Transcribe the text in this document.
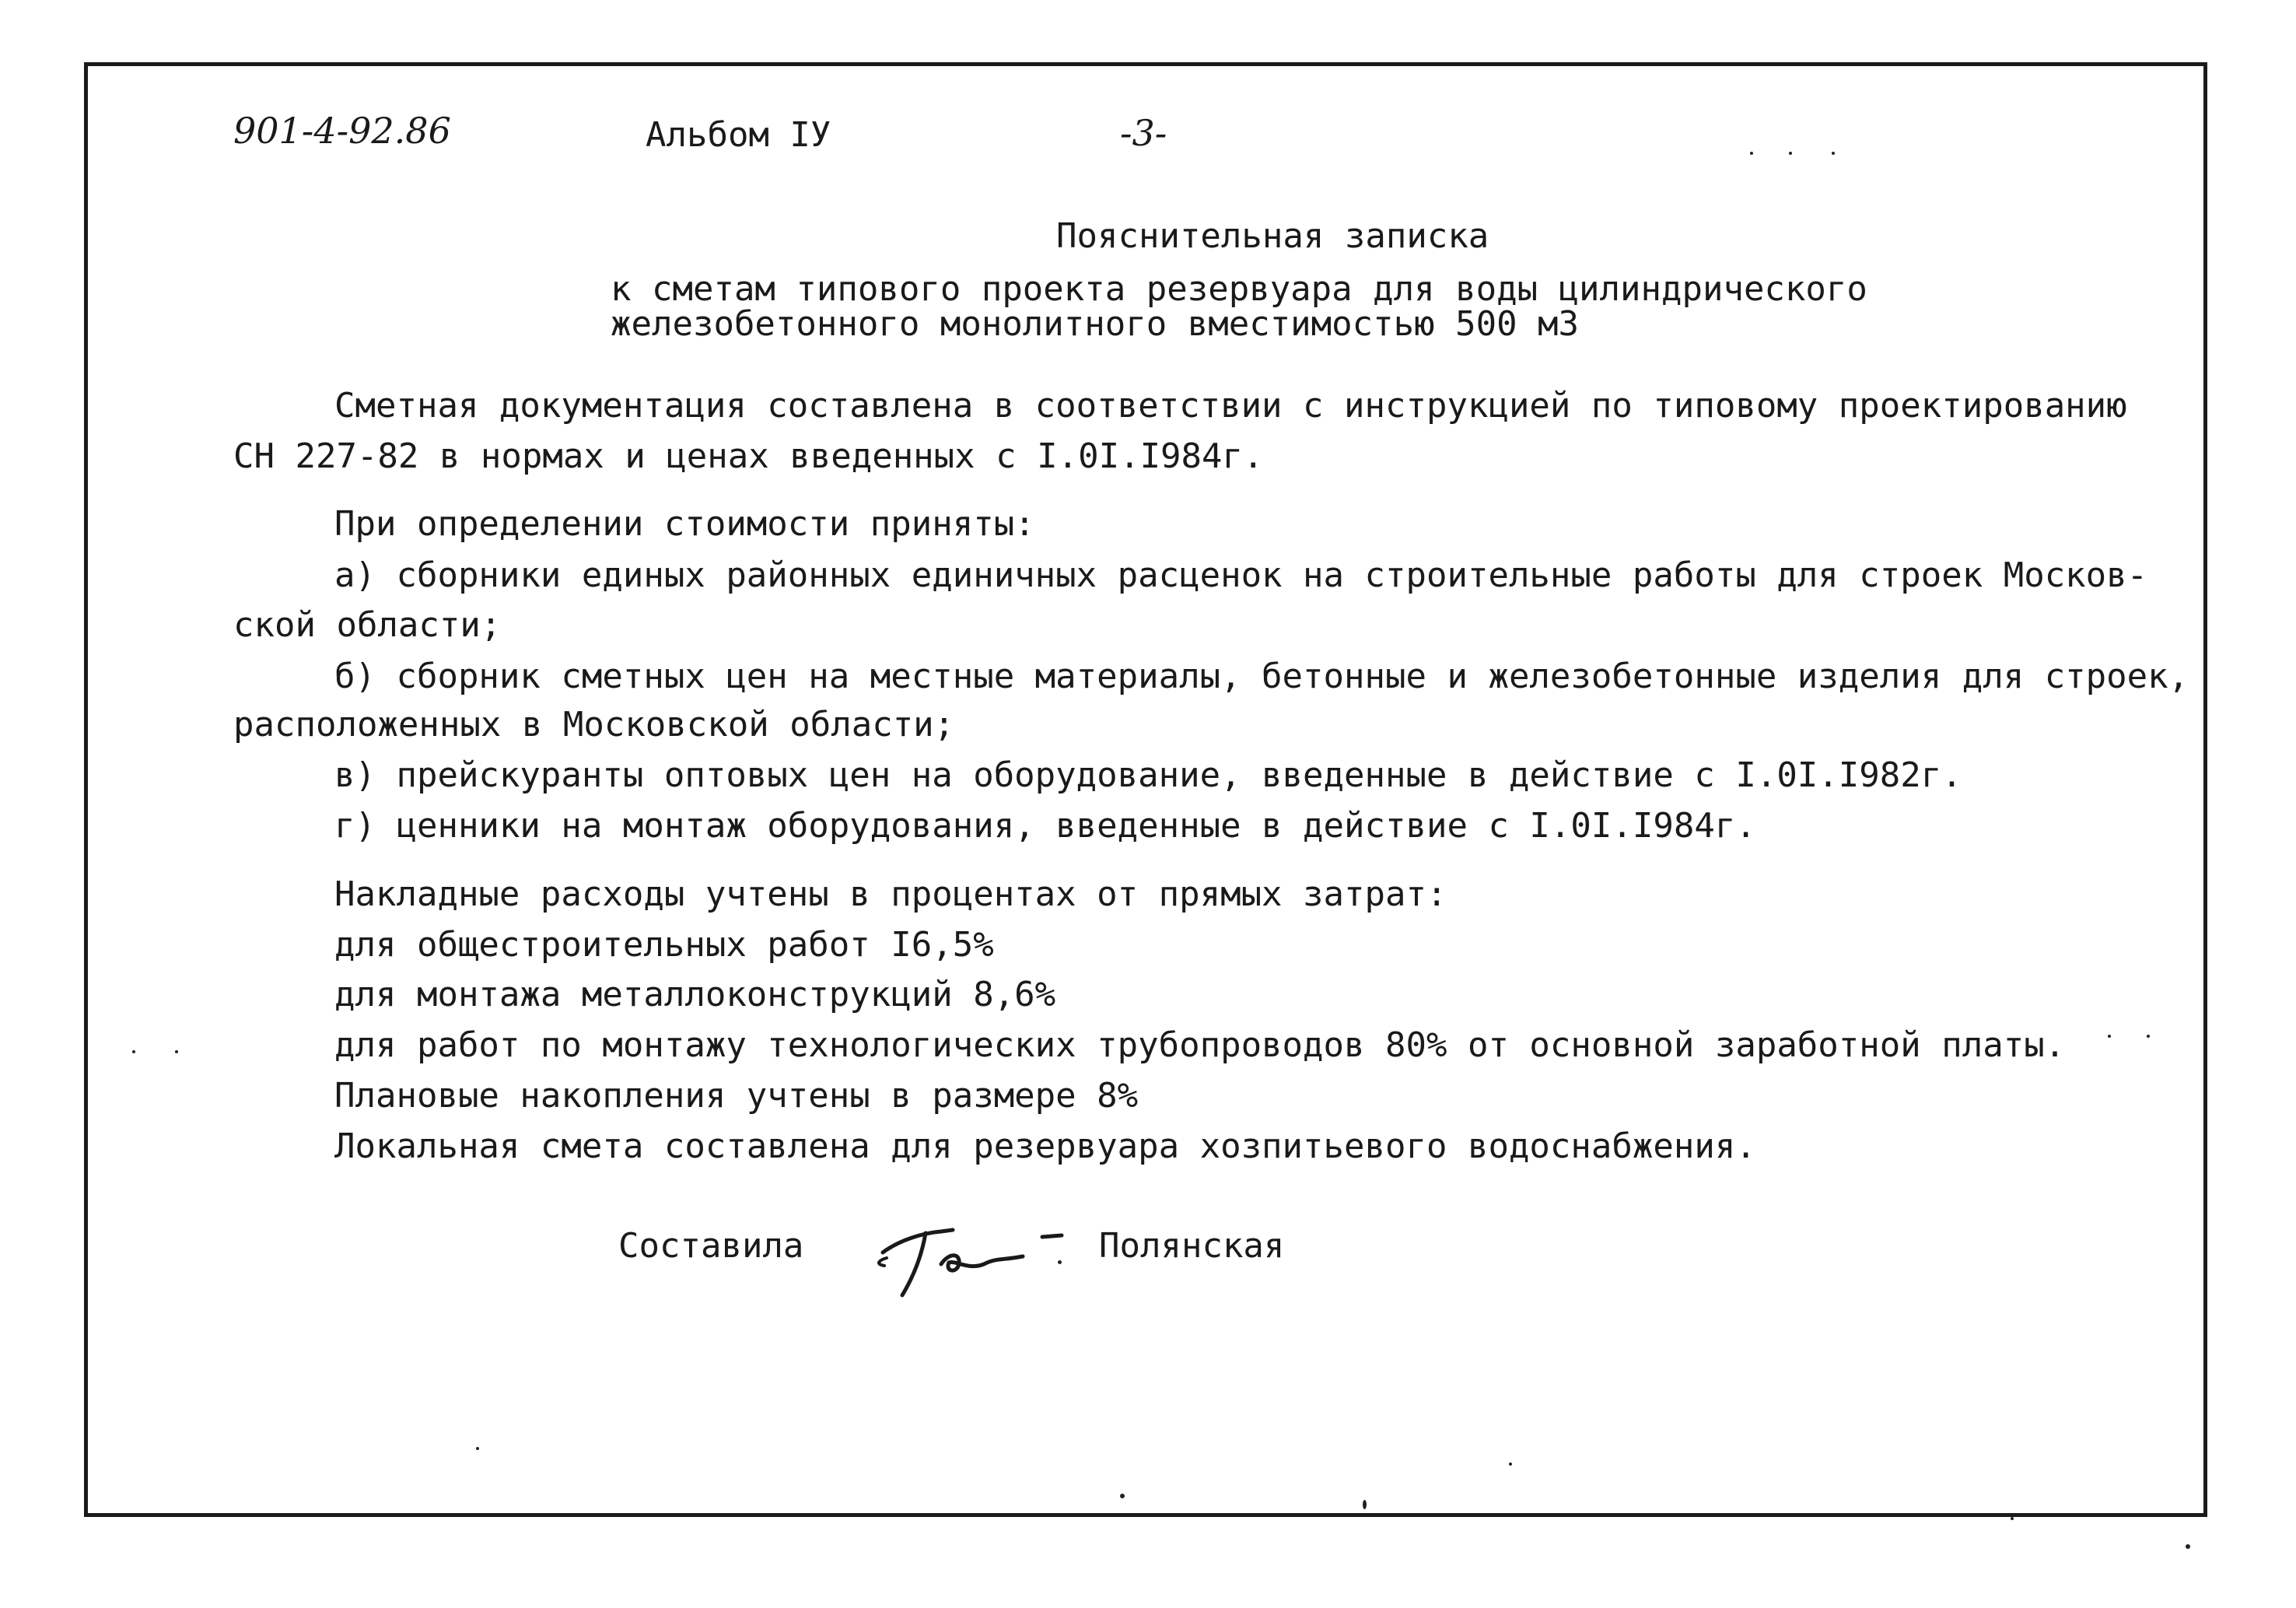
901-4-92.86	Альбом IУ	-3-
Пояснительная записка
к сметам типового проекта резервуара для воды цилиндрического
железобетонного монолитного вместимостью 500 м3
Сметная документация составлена в соответствии с инструкцией по типовому проектированию
СН 227-82 в нормах и ценах введенных с I.0I.I984г.
При определении стоимости приняты:
а) сборники единых районных единичных расценок на строительные работы для строек Москов-
ской области;
б) сборник сметных цен на местные материалы, бетонные и железобетонные изделия для строек,
расположенных в Московской области;
в) прейскуранты оптовых цен на оборудование, введенные в действие с I.0I.I982г.
г) ценники на монтаж оборудования, введенные в действие с I.0I.I984г.
Накладные расходы учтены в процентах от прямых затрат:
для общестроительных работ I6,5%
для монтажа металлоконструкций 8,6%
для работ по монтажу технологических трубопроводов 80% от основной заработной платы.
Плановые накопления учтены в размере 8%
Локальная смета составлена для резервуара хозпитьевого водоснабжения.
Составила	Полянская
